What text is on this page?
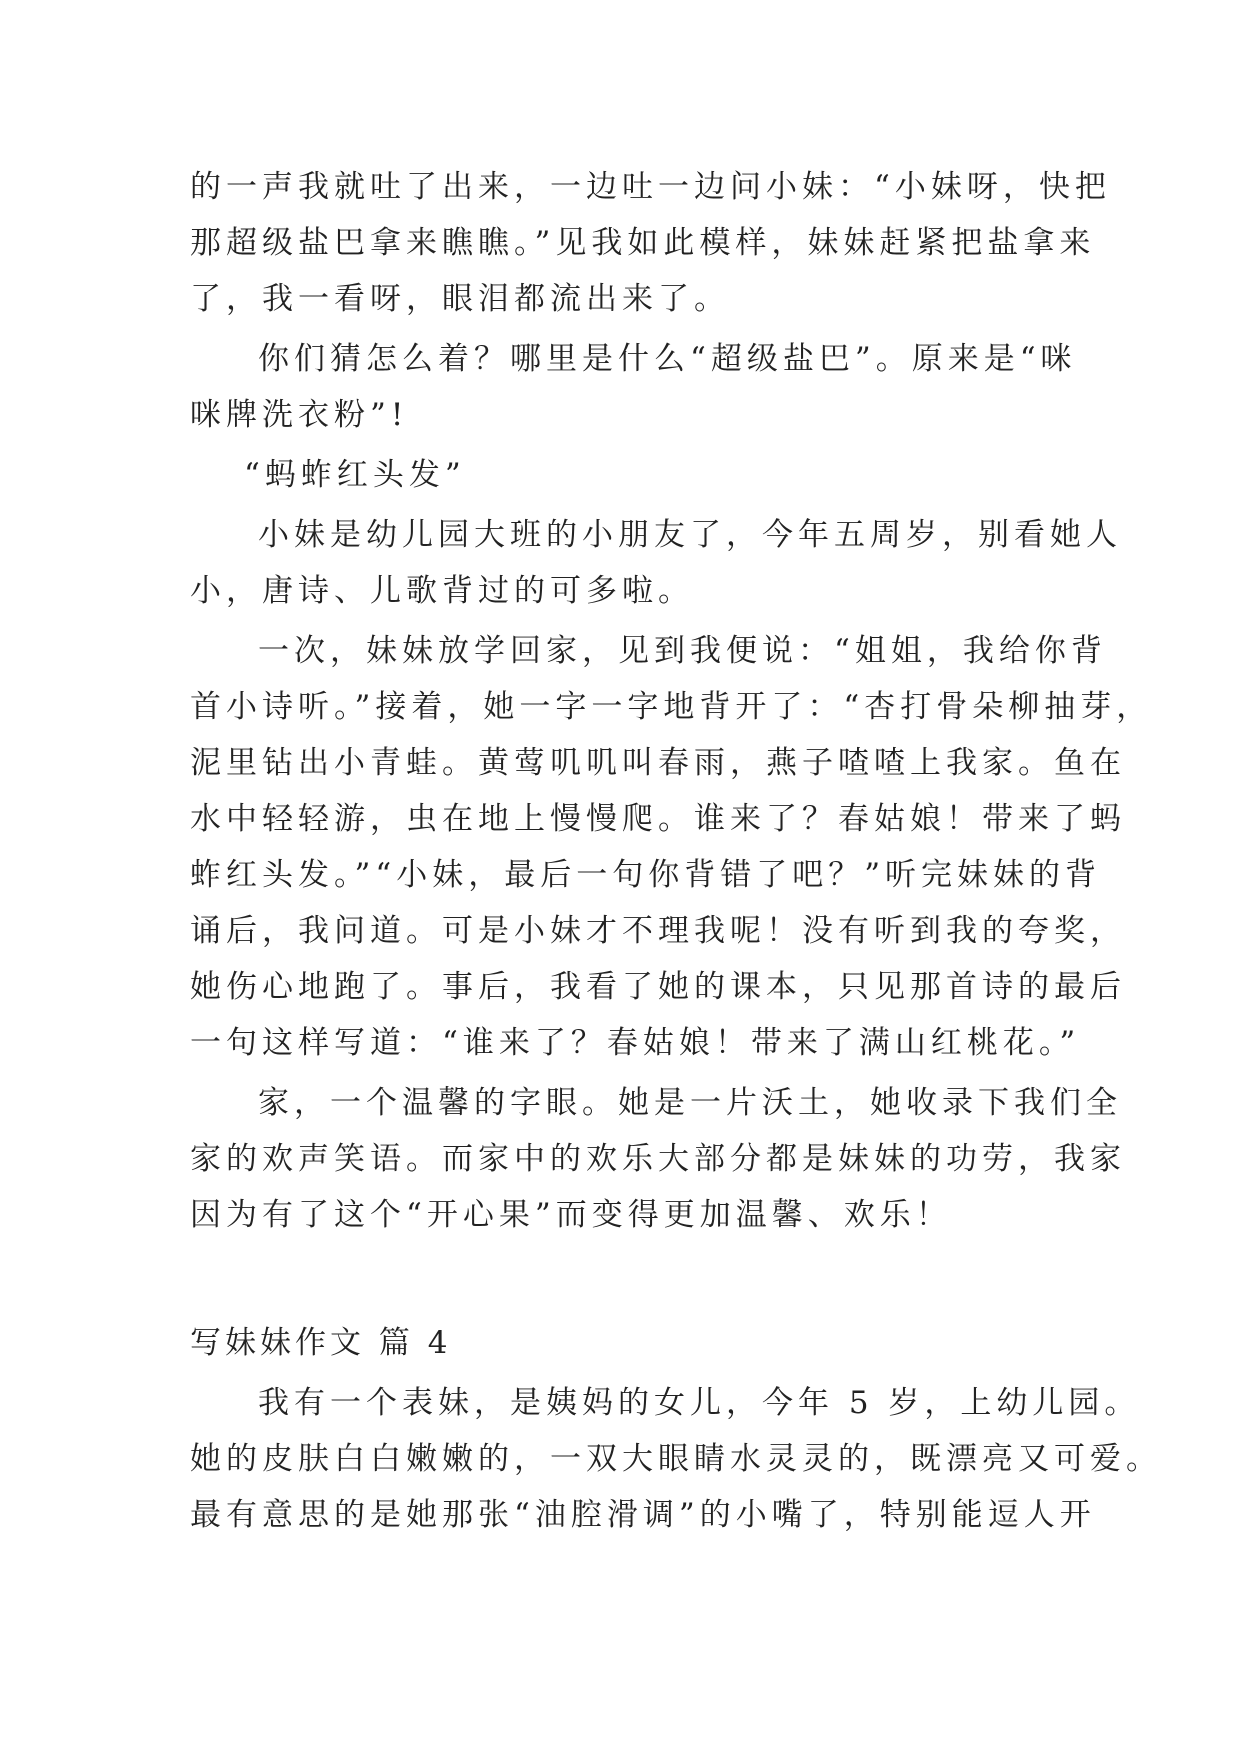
的一声我就吐了出来，一边吐一边问小妹：“小妹呀，快把
那超级盐巴拿来瞧瞧。”见我如此模样，妹妹赶紧把盐拿来
了，我一看呀，眼泪都流出来了。
你们猜怎么着？哪里是什么“超级盐巴”。原来是“咪
咪牌洗衣粉”!
“蚂蚱红头发”
小妹是幼儿园大班的小朋友了，今年五周岁，别看她人
小，唐诗、儿歌背过的可多啦。
一次，妹妹放学回家，见到我便说：“姐姐，我给你背
首小诗听。”接着，她一字一字地背开了：“杏打骨朵柳抽芽，
泥里钻出小青蛙。黄莺叽叽叫春雨，燕子喳喳上我家。鱼在
水中轻轻游，虫在地上慢慢爬。谁来了？春姑娘！带来了蚂
蚱红头发。”“小妹，最后一句你背错了吧？”听完妹妹的背
诵后，我问道。可是小妹才不理我呢！没有听到我的夸奖，
她伤心地跑了。事后，我看了她的课本，只见那首诗的最后
一句这样写道：“谁来了？春姑娘！带来了满山红桃花。”
家，一个温馨的字眼。她是一片沃土，她收录下我们全
家的欢声笑语。而家中的欢乐大部分都是妹妹的功劳，我家
因为有了这个“开心果”而变得更加温馨、欢乐！
写妹妹作文 篇 4
我有一个表妹，是姨妈的女儿，今年 5 岁，上幼儿园。
她的皮肤白白嫩嫩的，一双大眼睛水灵灵的，既漂亮又可爱。
最有意思的是她那张“油腔滑调”的小嘴了，特别能逗人开
